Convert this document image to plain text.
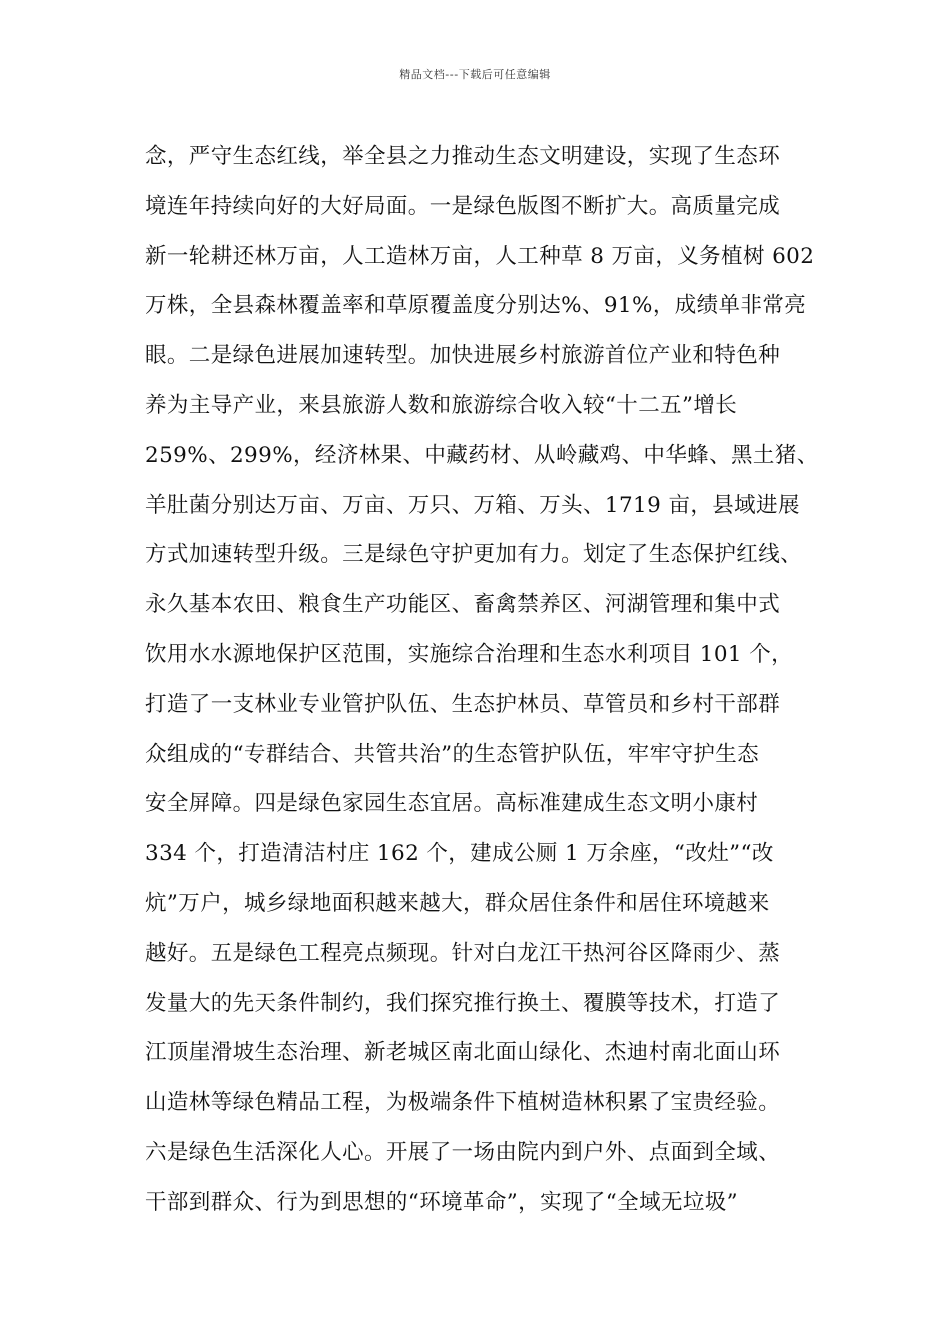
精品文档---下载后可任意编辑
念，严守生态红线，举全县之力推动生态文明建设，实现了生态环
境连年持续向好的大好局面。一是绿色版图不断扩大。高质量完成
新一轮耕还林万亩，人工造林万亩，人工种草 8 万亩，义务植树 602
万株，全县森林覆盖率和草原覆盖度分别达%、91%，成绩单非常亮
眼。二是绿色进展加速转型。加快进展乡村旅游首位产业和特色种
养为主导产业，来县旅游人数和旅游综合收入较“十二五”增长
259%、299%，经济林果、中藏药材、从岭藏鸡、中华蜂、黑土猪、
羊肚菌分别达万亩、万亩、万只、万箱、万头、1719 亩，县域进展
方式加速转型升级。三是绿色守护更加有力。划定了生态保护红线、
永久基本农田、粮食生产功能区、畜禽禁养区、河湖管理和集中式
饮用水水源地保护区范围，实施综合治理和生态水利项目 101 个，
打造了一支林业专业管护队伍、生态护林员、草管员和乡村干部群
众组成的“专群结合、共管共治”的生态管护队伍，牢牢守护生态
安全屏障。四是绿色家园生态宜居。高标准建成生态文明小康村
334 个，打造清洁村庄 162 个，建成公厕 1 万余座，“改灶”“改
炕”万户，城乡绿地面积越来越大，群众居住条件和居住环境越来
越好。五是绿色工程亮点频现。针对白龙江干热河谷区降雨少、蒸
发量大的先天条件制约，我们探究推行换土、覆膜等技术，打造了
江顶崖滑坡生态治理、新老城区南北面山绿化、杰迪村南北面山环
山造林等绿色精品工程，为极端条件下植树造林积累了宝贵经验。
六是绿色生活深化人心。开展了一场由院内到户外、点面到全域、
干部到群众、行为到思想的“环境革命”，实现了“全域无垃圾”
